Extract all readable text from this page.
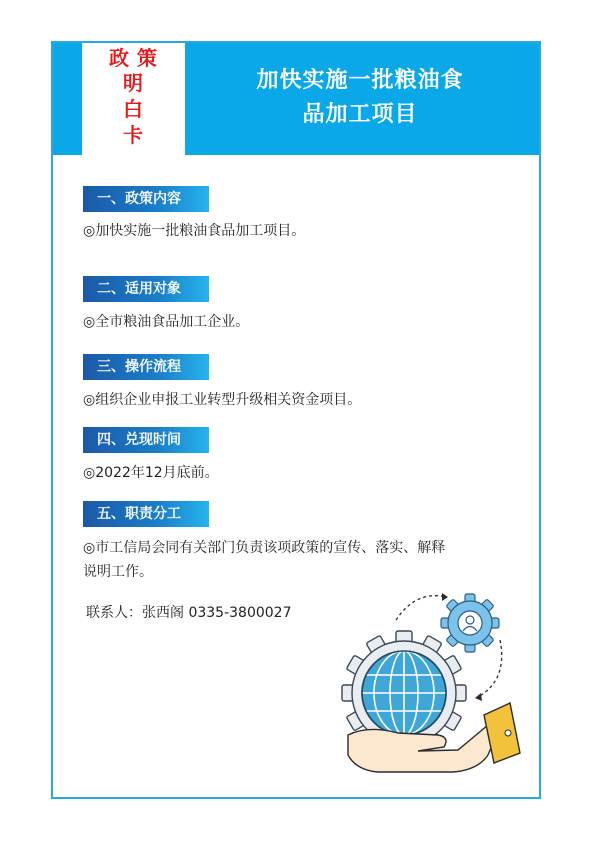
政 策
明
白
卡
加快实施一批粮油食
品加工项目
一、政策内容
◎加快实施一批粮油食品加工项目。
二、适用对象
◎全市粮油食品加工企业。
三、操作流程
◎组织企业申报工业转型升级相关资金项目。
四、兑现时间
◎2022年12月底前。
五、职责分工
◎市工信局会同有关部门负责该项政策的宣传、落实、解释
说明工作。
联系人：张西阁 0335-3800027
